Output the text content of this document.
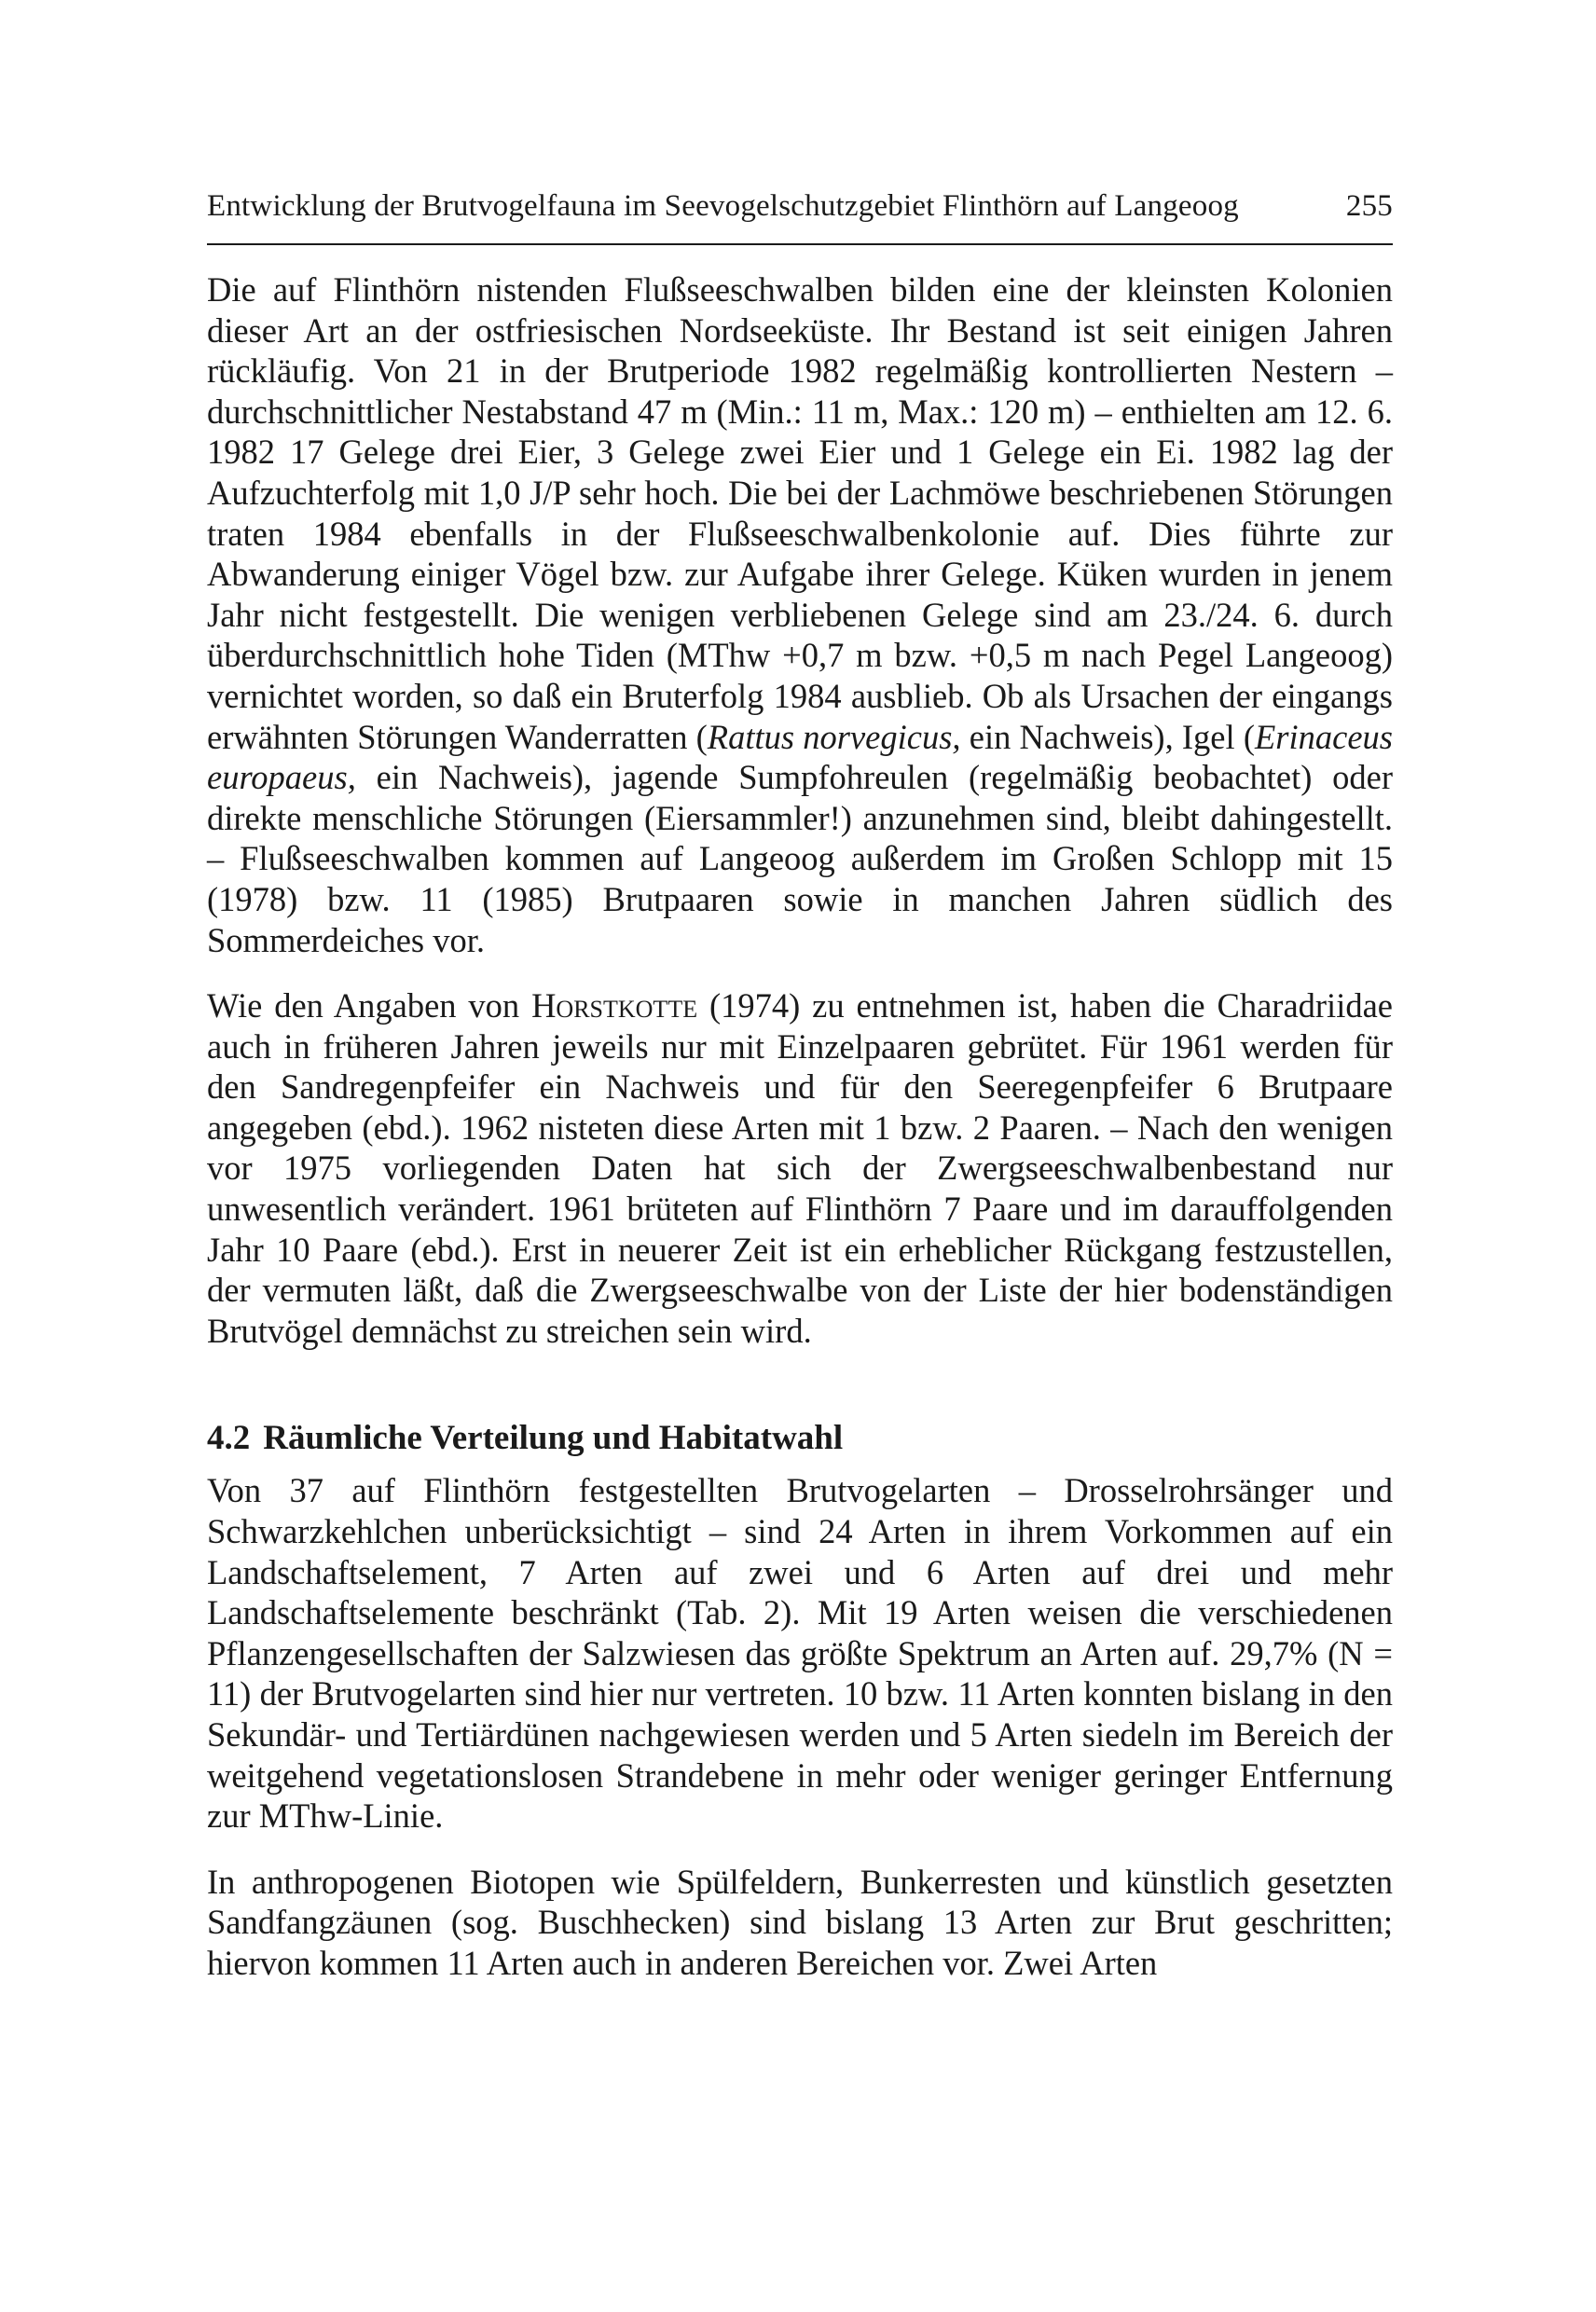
Entwicklung der Brutvogelfauna im Seevogelschutzgebiet Flinthörn auf Langeoog	255

Die auf Flinthörn nistenden Flußseeschwalben bilden eine der kleinsten Kolonien dieser Art an der ostfriesischen Nordseeküste. Ihr Bestand ist seit einigen Jahren rückläufig. Von 21 in der Brutperiode 1982 regelmäßig kontrollierten Nestern – durchschnittlicher Nestabstand 47 m (Min.: 11 m, Max.: 120 m) – enthielten am 12. 6. 1982 17 Gelege drei Eier, 3 Gelege zwei Eier und 1 Gelege ein Ei. 1982 lag der Aufzuchterfolg mit 1,0 J/P sehr hoch. Die bei der Lachmöwe beschriebenen Störungen traten 1984 ebenfalls in der Flußseeschwalbenkolonie auf. Dies führte zur Abwanderung einiger Vögel bzw. zur Aufgabe ihrer Gelege. Küken wurden in jenem Jahr nicht festgestellt. Die wenigen verbliebenen Gelege sind am 23./24. 6. durch überdurchschnittlich hohe Tiden (MThw +0,7 m bzw. +0,5 m nach Pegel Langeoog) vernichtet worden, so daß ein Bruterfolg 1984 ausblieb. Ob als Ursachen der eingangs erwähnten Störungen Wanderratten (Rattus norvegicus, ein Nachweis), Igel (Erinaceus europaeus, ein Nachweis), jagende Sumpfohreulen (regelmäßig beobachtet) oder direkte menschliche Störungen (Eiersammler!) anzunehmen sind, bleibt dahingestellt. – Flußseeschwalben kommen auf Langeoog außerdem im Großen Schlopp mit 15 (1978) bzw. 11 (1985) Brutpaaren sowie in manchen Jahren südlich des Sommerdeiches vor.

Wie den Angaben von Horstkotte (1974) zu entnehmen ist, haben die Charadriidae auch in früheren Jahren jeweils nur mit Einzelpaaren gebrütet. Für 1961 werden für den Sandregenpfeifer ein Nachweis und für den Seeregenpfeifer 6 Brutpaare angegeben (ebd.). 1962 nisteten diese Arten mit 1 bzw. 2 Paaren. – Nach den wenigen vor 1975 vorliegenden Daten hat sich der Zwergseeschwalbenbestand nur unwesentlich verändert. 1961 brüteten auf Flinthörn 7 Paare und im darauffolgenden Jahr 10 Paare (ebd.). Erst in neuerer Zeit ist ein erheblicher Rückgang festzustellen, der vermuten läßt, daß die Zwergseeschwalbe von der Liste der hier bodenständigen Brutvögel demnächst zu streichen sein wird.

4.2 Räumliche Verteilung und Habitatwahl

Von 37 auf Flinthörn festgestellten Brutvogelarten – Drosselrohrsänger und Schwarzkehlchen unberücksichtigt – sind 24 Arten in ihrem Vorkommen auf ein Landschaftselement, 7 Arten auf zwei und 6 Arten auf drei und mehr Landschaftselemente beschränkt (Tab. 2). Mit 19 Arten weisen die verschiedenen Pflanzengesellschaften der Salzwiesen das größte Spektrum an Arten auf. 29,7% (N = 11) der Brutvogelarten sind hier nur vertreten. 10 bzw. 11 Arten konnten bislang in den Sekundär- und Tertiärdünen nachgewiesen werden und 5 Arten siedeln im Bereich der weitgehend vegetationslosen Strandebene in mehr oder weniger geringer Entfernung zur MThw-Linie.

In anthropogenen Biotopen wie Spülfeldern, Bunkerresten und künstlich gesetzten Sandfangzäunen (sog. Buschhecken) sind bislang 13 Arten zur Brut geschritten; hiervon kommen 11 Arten auch in anderen Bereichen vor. Zwei Arten
